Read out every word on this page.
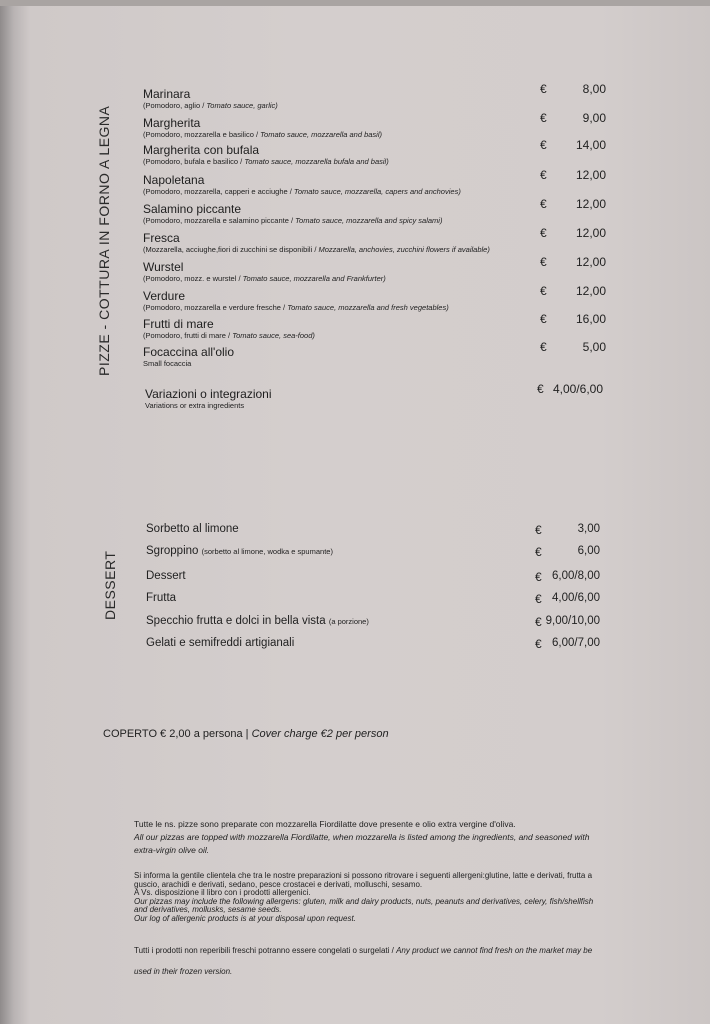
PIZZE - COTTURA IN FORNO A LEGNA
Marinara
(Pomodoro, aglio / Tomato sauce, garlic)
€	8,00
Margherita
(Pomodoro, mozzarella e basilico / Tomato sauce, mozzarella and basil)
€	9,00
Margherita con bufala
(Pomodoro, bufala e basilico / Tomato sauce, mozzarella bufala and basil)
€	14,00
Napoletana
(Pomodoro, mozzarella, capperi e acciughe / Tomato sauce, mozzarella, capers and anchovies)
€	12,00
Salamino piccante
(Pomodoro, mozzarella e salamino piccante / Tomato sauce, mozzarella and spicy salami)
€	12,00
Fresca
(Mozzarella, acciughe,fiori di zucchini se disponibili / Mozzarella, anchovies, zucchini flowers if available)
€	12,00
Wurstel
(Pomodoro, mozz. e wurstel / Tomato sauce, mozzarella and Frankfurter)
€	12,00
Verdure
(Pomodoro, mozzarella e verdure fresche / Tomato sauce, mozzarella and fresh vegetables)
€	12,00
Frutti di mare
(Pomodoro, frutti di mare / Tomato sauce, sea-food)
€	16,00
Focaccina all'olio
Small focaccia
€	5,00
Variazioni o integrazioni
Variations or extra ingredients
€ 4,00/6,00
DESSERT
Sorbetto al limone	€	3,00
Sgroppino (sorbetto al limone, wodka e spumante)	€	6,00
Dessert	€ 6,00/8,00
Frutta	€ 4,00/6,00
Specchio frutta e dolci in bella vista (a porzione)	€ 9,00/10,00
Gelati e semifreddi artigianali	€ 6,00/7,00
COPERTO € 2,00 a persona | Cover charge €2 per person
Tutte le ns. pizze sono preparate con mozzarella Fiordilatte dove presente e olio extra vergine d'oliva.
All our pizzas are topped with mozzarella Fiordilatte, when mozzarella is listed among the ingredients, and seasoned with extra-virgin olive oil.
Si informa la gentile clientela che tra le nostre preparazioni si possono ritrovare i seguenti allergeni:glutine, latte e derivati, frutta a guscio, arachidi e derivati, sedano, pesce crostacei e derivati, molluschi, sesamo.
A Vs. disposizione il libro con i prodotti allergenici.
Our pizzas may include the following allergens: gluten, milk and dairy products, nuts, peanuts and derivatives, celery, fish/shellfish and derivatives, mollusks, sesame seeds.
Our log of allergenic products is at your disposal upon request.
Tutti i prodotti non reperibili freschi potranno essere congelati o surgelati / Any product we cannot find fresh on the market may be used in their frozen version.
